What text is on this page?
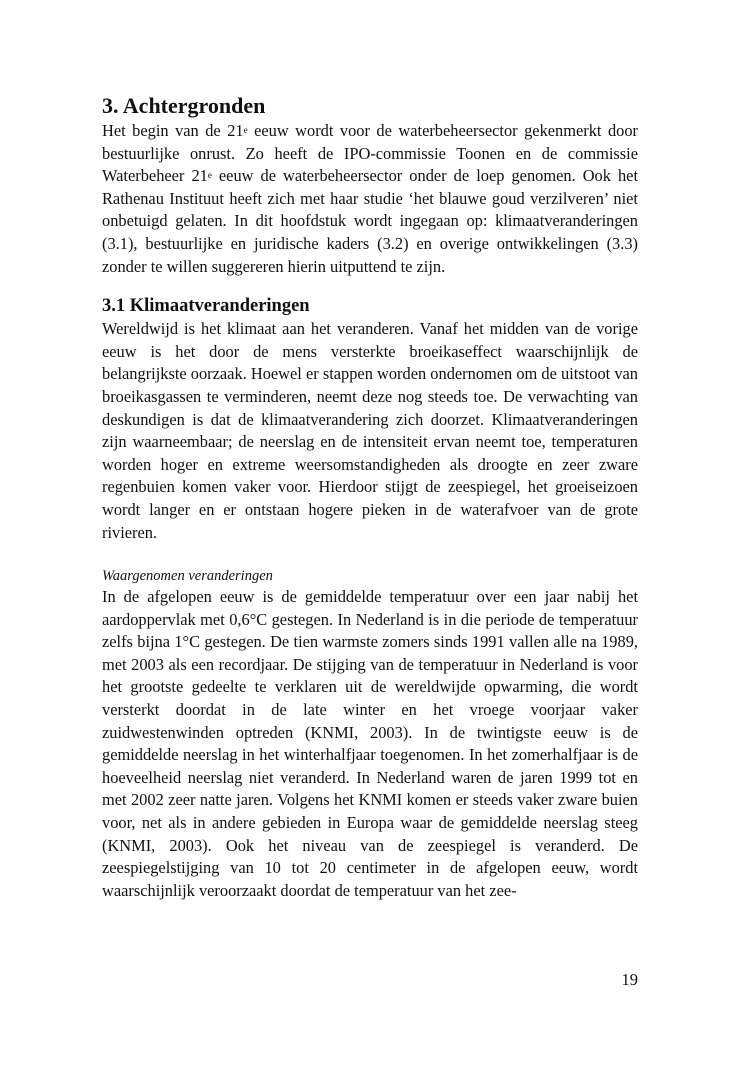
3. Achtergronden

Het begin van de 21e eeuw wordt voor de waterbeheersector gekenmerkt door bestuurlijke onrust. Zo heeft de IPO-commissie Toonen en de commissie Waterbeheer 21e eeuw de waterbeheersector onder de loep genomen. Ook het Rathenau Instituut heeft zich met haar studie ‘het blauwe goud verzilveren’ niet onbetuigd gelaten. In dit hoofdstuk wordt ingegaan op: klimaatveranderingen (3.1), bestuurlijke en juridische kaders (3.2) en overige ontwikkelingen (3.3) zonder te willen suggereren hierin uitputtend te zijn.

3.1 Klimaatveranderingen

Wereldwijd is het klimaat aan het veranderen. Vanaf het midden van de vorige eeuw is het door de mens versterkte broeikaseffect waarschijnlijk de belangrijkste oorzaak. Hoewel er stappen worden ondernomen om de uitstoot van broeikasgassen te verminderen, neemt deze nog steeds toe. De verwachting van deskundigen is dat de klimaatverandering zich doorzet. Klimaatveranderingen zijn waarneembaar; de neerslag en de intensiteit ervan neemt toe, temperaturen worden hoger en extreme weersomstandigheden als droogte en zeer zware regenbuien komen vaker voor. Hierdoor stijgt de zeespiegel, het groeiseizoen wordt langer en er ontstaan hogere pieken in de waterafvoer van de grote rivieren.

Waargenomen veranderingen

In de afgelopen eeuw is de gemiddelde temperatuur over een jaar nabij het aardoppervlak met 0,6°C gestegen. In Nederland is in die periode de temperatuur zelfs bijna 1°C gestegen. De tien warmste zomers sinds 1991 vallen alle na 1989, met 2003 als een recordjaar. De stijging van de temperatuur in Nederland is voor het grootste gedeelte te verklaren uit de wereldwijde opwarming, die wordt versterkt doordat in de late winter en het vroege voorjaar vaker zuidwestenwinden optreden (KNMI, 2003). In de twintigste eeuw is de gemiddelde neerslag in het winterhalfjaar toegenomen. In het zomerhalfjaar is de hoeveelheid neerslag niet veranderd. In Nederland waren de jaren 1999 tot en met 2002 zeer natte jaren. Volgens het KNMI komen er steeds vaker zware buien voor, net als in andere gebieden in Europa waar de gemiddelde neerslag steeg (KNMI, 2003). Ook het niveau van de zeespiegel is veranderd. De zeespiegelstijging van 10 tot 20 centimeter in de afgelopen eeuw, wordt waarschijnlijk veroorzaakt doordat de temperatuur van het zee-

19
